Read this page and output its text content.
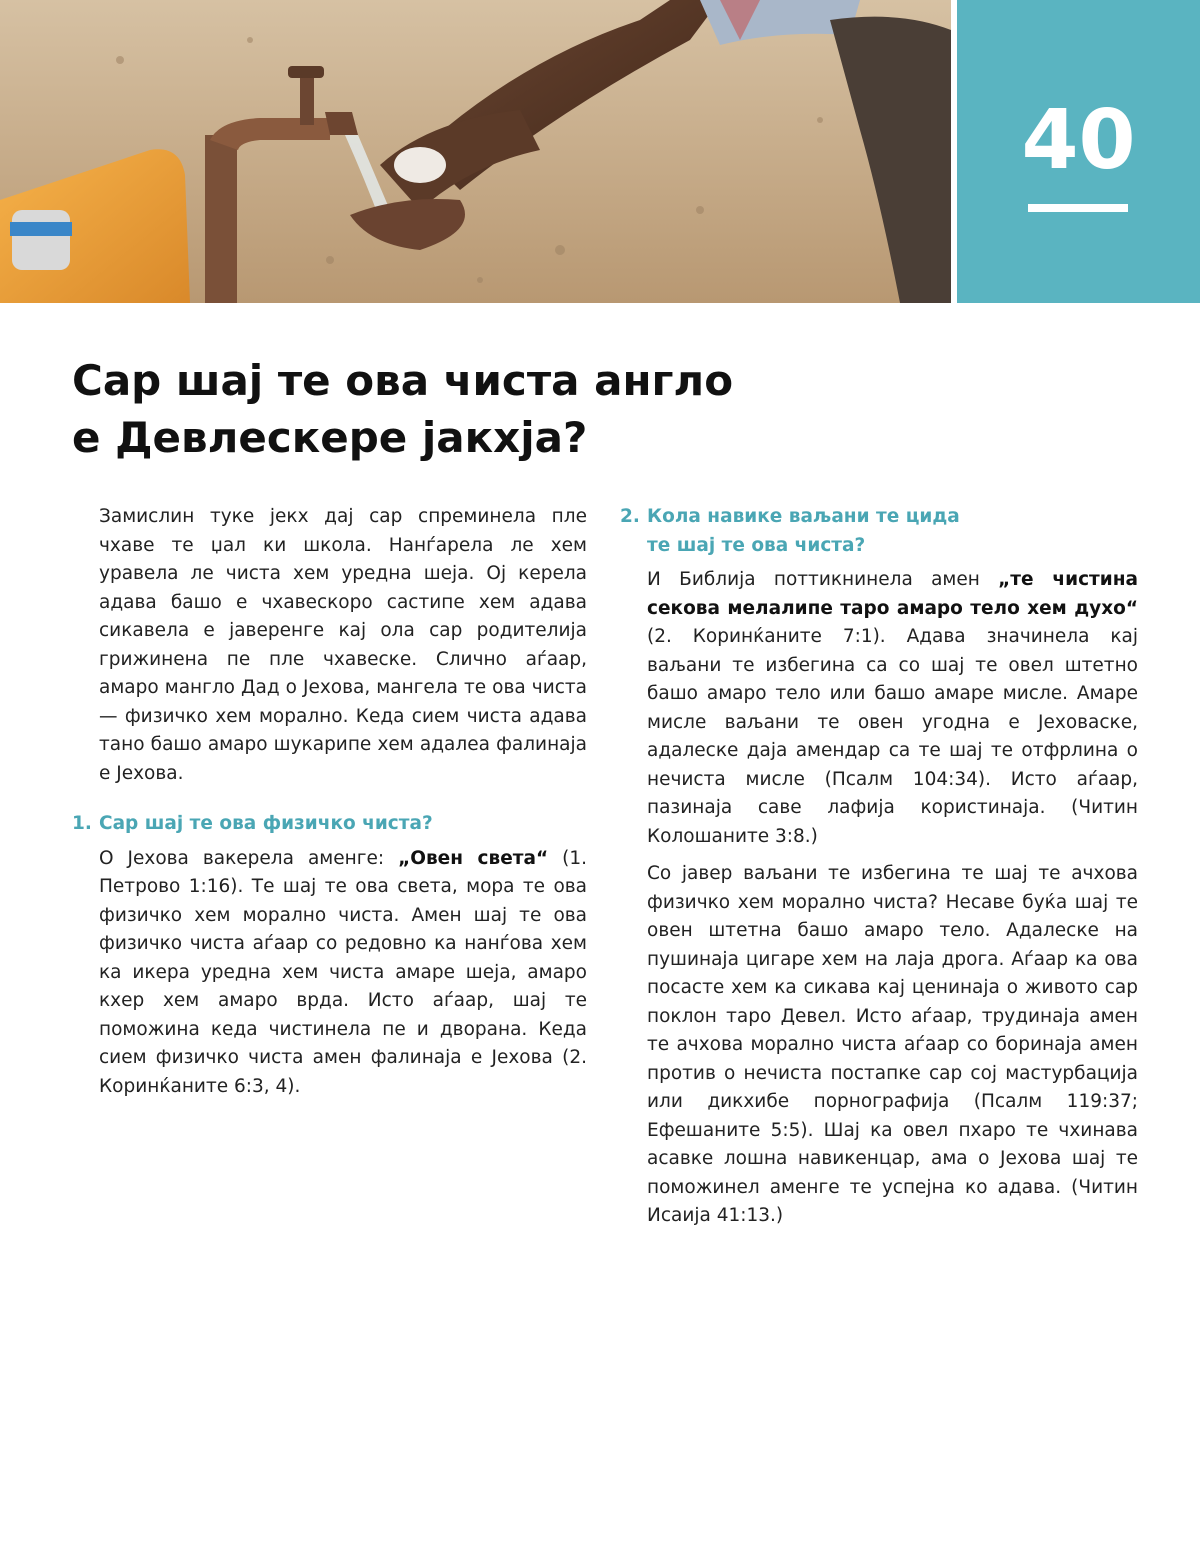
40
Сар шај те ова чиста англо
е Девлескере јакхја?

Замислин туке јекх дај сар спреминела пле чхаве те џал ки школа. Нанѓарела ле хем уравела ле чиста хем уредна шеја. Ој керела адава башо е чхавескоро састипе хем адава сикавела е јаверенге кај ола сар родителија грижинена пе пле чхавеске. Слично аѓаар, амаро мангло Дад о Јехова, мангела те ова чиста — физичко хем морално. Кеда сием чиста адава тано башо амаро шукарипе хем адалеа фалинаја е Јехова.

1. Сар шај те ова физичко чиста?

О Јехова вакерела аменге: „Овен света“ (1. Петрово 1:16). Те шај те ова света, мора те ова физичко хем морално чиста. Амен шај те ова физичко чиста аѓаар со редовно ка нанѓова хем ка икера уредна хем чиста амаре шеја, амаро кхер хем амаро врда. Исто аѓаар, шај те поможина кеда чистинела пе и дворана. Кеда сием физичко чиста амен фалинаја е Јехова (2. Коринќаните 6:3, 4).

2. Кола навике ваљани те цида
те шај те ова чиста?

И Библија поттикнинела амен „те чистина секова мелалипе таро амаро тело хем духо“ (2. Коринќаните 7:1). Адава значинела кај ваљани те избегина са со шај те овел штетно башо амаро тело или башо амаре мисле. Амаре мисле ваљани те овен угодна е Јеховаске, адалеске даја амендар са те шај те отфрлина о нечиста мисле (Псалм 104:34). Исто аѓаар, пазинаја саве лафија користинаја. (Читин Колошаните 3:8.)

Со јавер ваљани те избегина те шај те ачхова физичко хем морално чиста? Несаве буќа шај те овен штетна башо амаро тело. Адалеске на пушинаја цигаре хем на лаја дрога. Аѓаар ка ова посасте хем ка сикава кај ценинаја о живото сар поклон таро Девел. Исто аѓаар, трудинаја амен те ачхова морално чиста аѓаар со боринаја амен против о нечиста постапке сар сој мастурбација или дикхибе порнографија (Псалм 119:37; Ефешаните 5:5). Шај ка овел пхаро те чхинава асавке лошна навикенцар, ама о Јехова шај те поможинел аменге те успејна ко адава. (Читин Исаија 41:13.)
